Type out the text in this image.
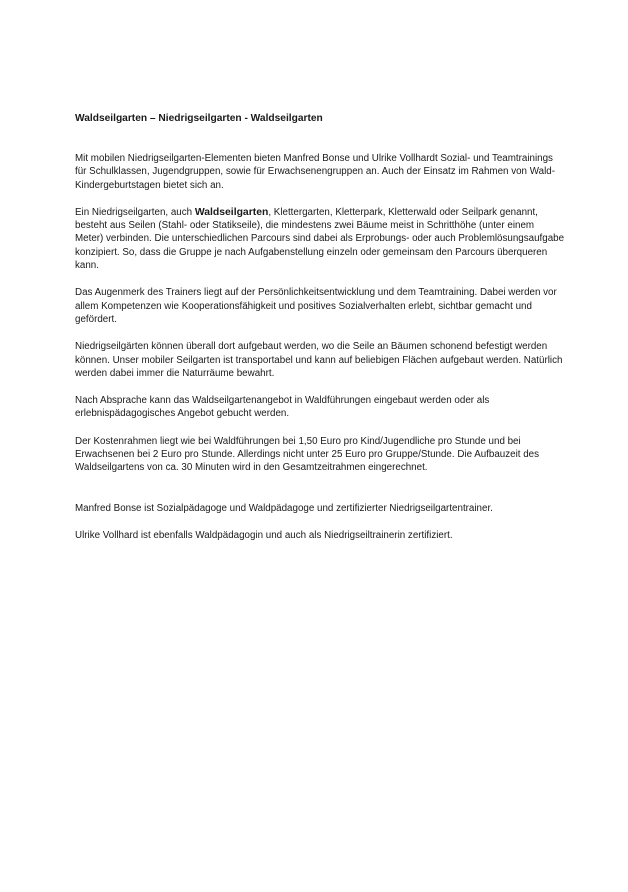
Waldseilgarten – Niedrigseilgarten - Waldseilgarten

Mit mobilen Niedrigseilgarten-Elementen bieten Manfred Bonse und Ulrike Vollhardt Sozial- und Teamtrainings für Schulklassen, Jugendgruppen, sowie für Erwachsenengruppen an. Auch der Einsatz im Rahmen von Wald-Kindergeburtstagen bietet sich an.

Ein Niedrigseilgarten, auch Waldseilgarten, Klettergarten, Kletterpark, Kletterwald oder Seilpark genannt, besteht aus Seilen (Stahl- oder Statikseile), die mindestens zwei Bäume meist in Schritthöhe (unter einem Meter) verbinden. Die unterschiedlichen Parcours sind dabei als Erprobungs- oder auch Problemlösungsaufgabe konzipiert. So, dass die Gruppe je nach Aufgabenstellung einzeln oder gemeinsam den Parcours überqueren kann.

Das Augenmerk des Trainers liegt auf der Persönlichkeitsentwicklung und dem Teamtraining. Dabei werden vor allem Kompetenzen wie Kooperationsfähigkeit und positives Sozialverhalten erlebt, sichtbar gemacht und gefördert.

Niedrigseilgärten können überall dort aufgebaut werden, wo die Seile an Bäumen schonend befestigt werden können. Unser mobiler Seilgarten ist transportabel und kann auf beliebigen Flächen aufgebaut werden. Natürlich werden dabei immer die Naturräume bewahrt.

Nach Absprache kann das Waldseilgartenangebot in Waldführungen eingebaut werden oder als erlebnispädagogisches Angebot gebucht werden.

Der Kostenrahmen liegt wie bei Waldführungen bei 1,50 Euro pro Kind/Jugendliche pro Stunde und bei Erwachsenen bei 2 Euro pro Stunde. Allerdings nicht unter 25 Euro pro Gruppe/Stunde. Die Aufbauzeit des Waldseilgartens von ca. 30 Minuten wird in den Gesamtzeitrahmen eingerechnet.

Manfred Bonse ist Sozialpädagoge und Waldpädagoge und zertifizierter Niedrigseilgartentrainer.

Ulrike Vollhard ist ebenfalls Waldpädagogin und auch als Niedrigseiltrainerin zertifiziert.
